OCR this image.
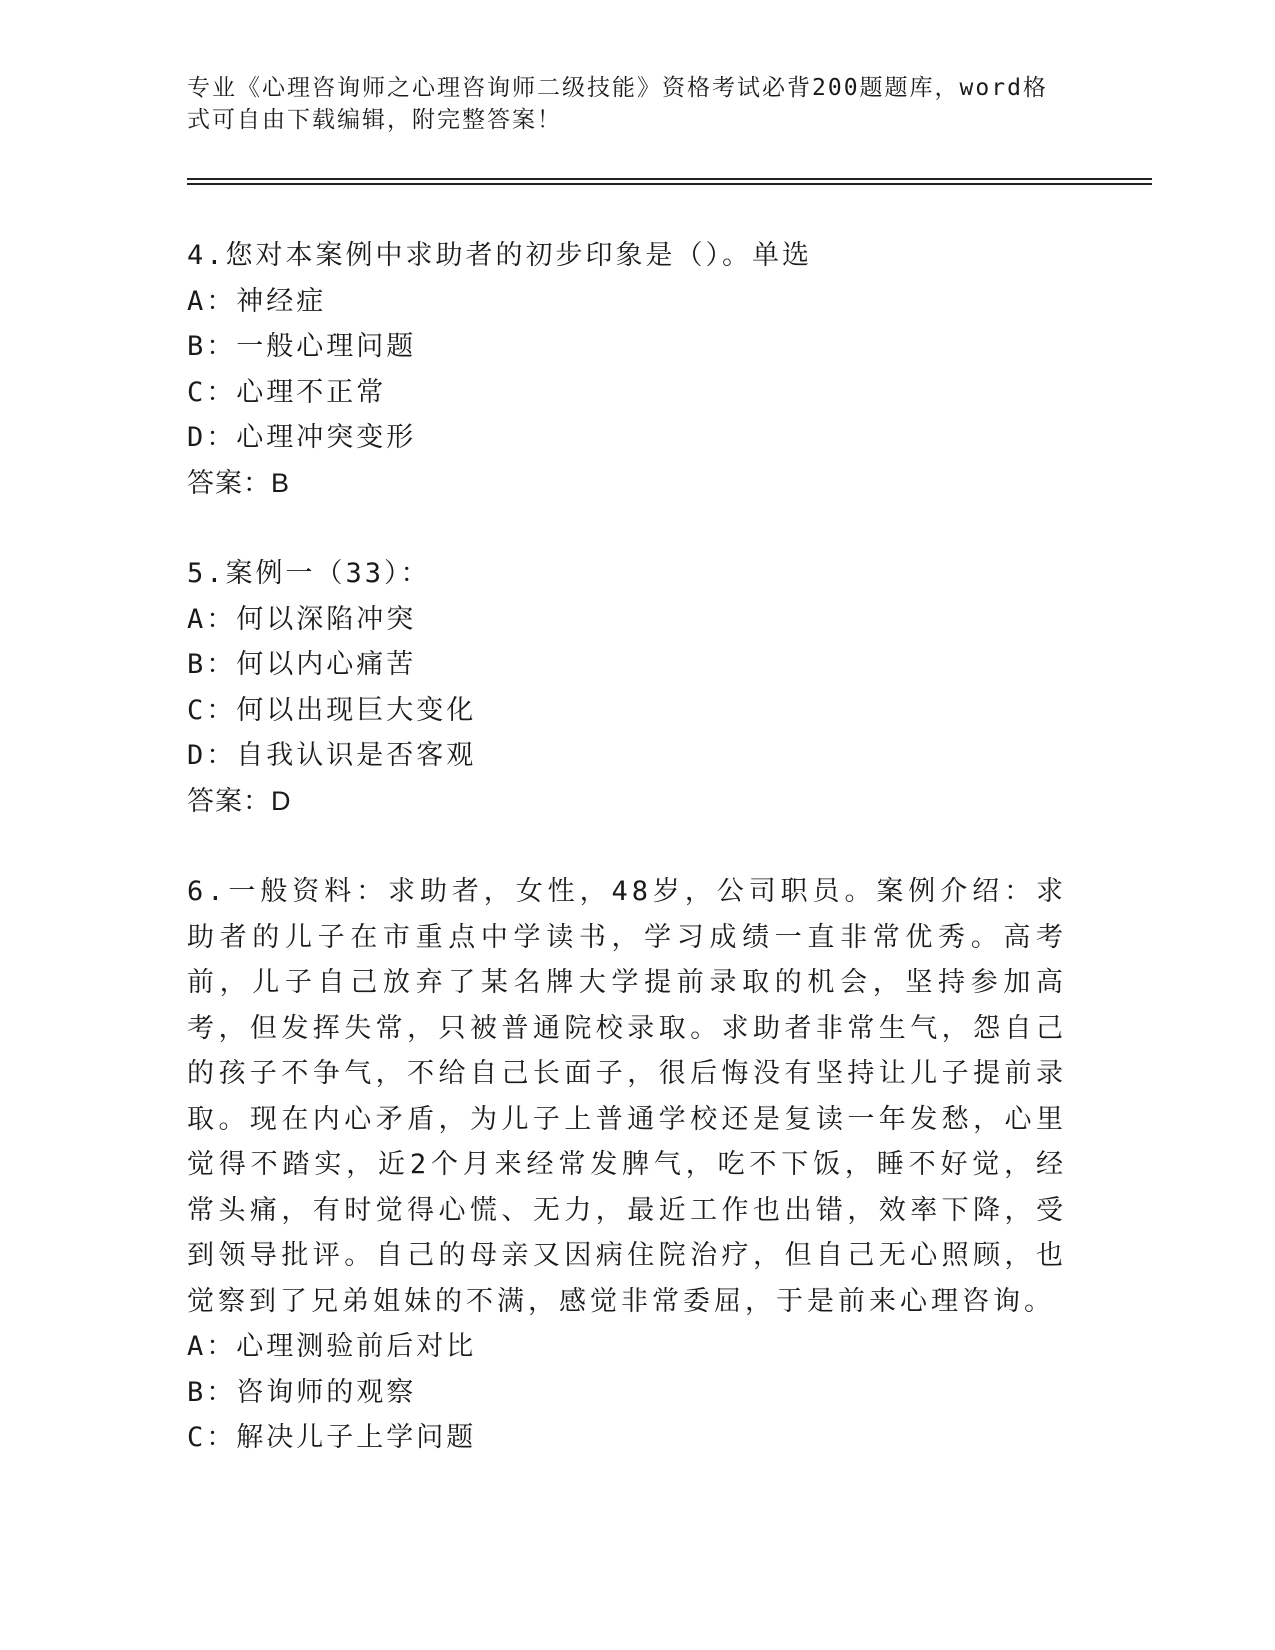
专业《心理咨询师之心理咨询师二级技能》资格考试必背200题题库，word格式可自由下载编辑，附完整答案！
4.您对本案例中求助者的初步印象是（）。单选
A：神经症
B：一般心理问题
C：心理不正常
D：心理冲突变形
答案：B
5.案例一（33）：
A：何以深陷冲突
B：何以内心痛苦
C：何以出现巨大变化
D：自我认识是否客观
答案：D
6.一般资料：求助者，女性，48岁，公司职员。案例介绍：求助者的儿子在市重点中学读书，学习成绩一直非常优秀。高考前，儿子自己放弃了某名牌大学提前录取的机会，坚持参加高考，但发挥失常，只被普通院校录取。求助者非常生气，怨自己的孩子不争气，不给自己长面子，很后悔没有坚持让儿子提前录取。现在内心矛盾，为儿子上普通学校还是复读一年发愁，心里觉得不踏实，近2个月来经常发脾气，吃不下饭，睡不好觉，经常头痛，有时觉得心慌、无力，最近工作也出错，效率下降，受到领导批评。自己的母亲又因病住院治疗，但自己无心照顾，也觉察到了兄弟姐妹的不满，感觉非常委屈，于是前来心理咨询。
A：心理测验前后对比
B：咨询师的观察
C：解决儿子上学问题
